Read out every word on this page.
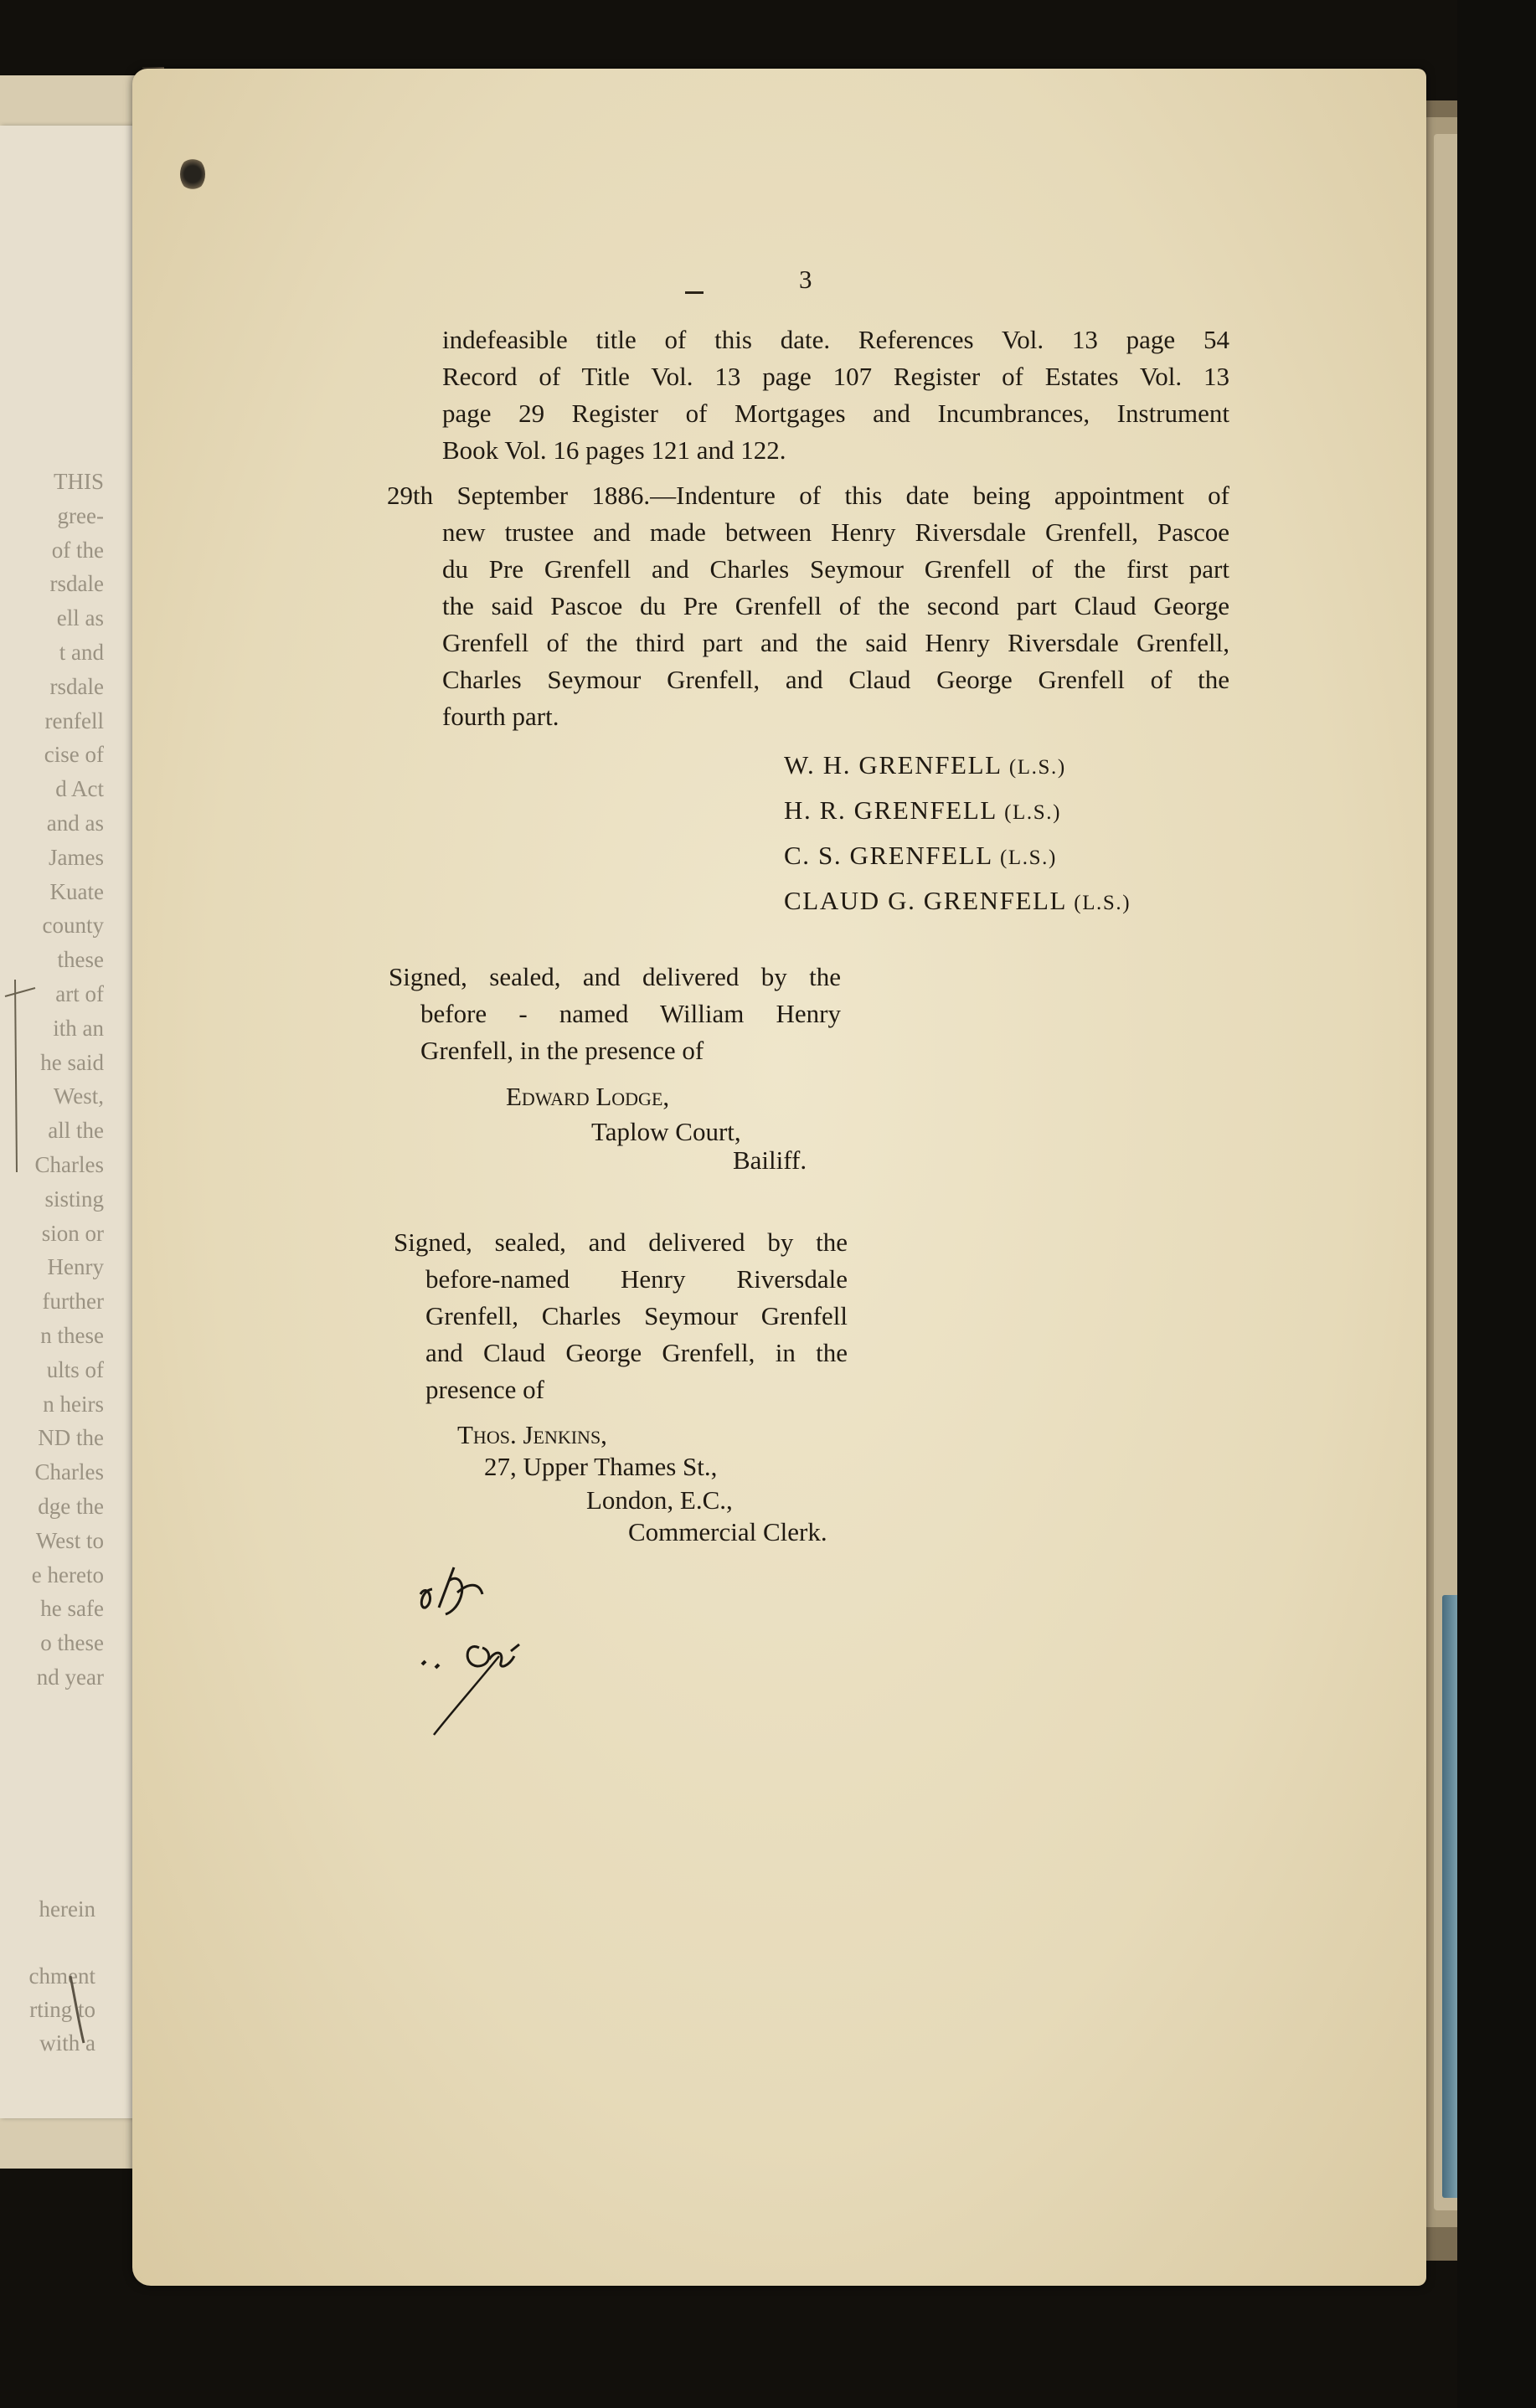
THIS
gree-
of the
rsdale
ell as
t and
rsdale
renfell
cise of
d Act
and as
James
Kuate
county
these
art of
ith an
he said
West,
all the
Charles
sisting
sion or
Henry
further
n these
ults of
n heirs
ND the
Charles
dge the
West to
e hereto
he safe
o these
nd year
herein
chment
rting to
with a
3
indefeasible title of this date. References Vol. 13 page 54
Record of Title Vol. 13 page 107 Register of Estates Vol. 13
page 29 Register of Mortgages and Incumbrances, Instrument
Book Vol. 16 pages 121 and 122.
29th September 1886.—Indenture of this date being appointment of
new trustee and made between Henry Riversdale Grenfell, Pascoe
du Pre Grenfell and Charles Seymour Grenfell of the first part
the said Pascoe du Pre Grenfell of the second part Claud George
Grenfell of the third part and the said Henry Riversdale Grenfell,
Charles Seymour Grenfell, and Claud George Grenfell of the
fourth part.
W. H. GRENFELL (L.S.)
H. R. GRENFELL (L.S.)
C. S. GRENFELL (L.S.)
CLAUD G. GRENFELL (L.S.)
Signed, sealed, and delivered by the
before - named William Henry
Grenfell, in the presence of
Edward Lodge,
Taplow Court,
Bailiff.
Signed, sealed, and delivered by the
before-named Henry Riversdale
Grenfell, Charles Seymour Grenfell
and Claud George Grenfell, in the
presence of
Thos. Jenkins,
27, Upper Thames St.,
London, E.C.,
Commercial Clerk.
